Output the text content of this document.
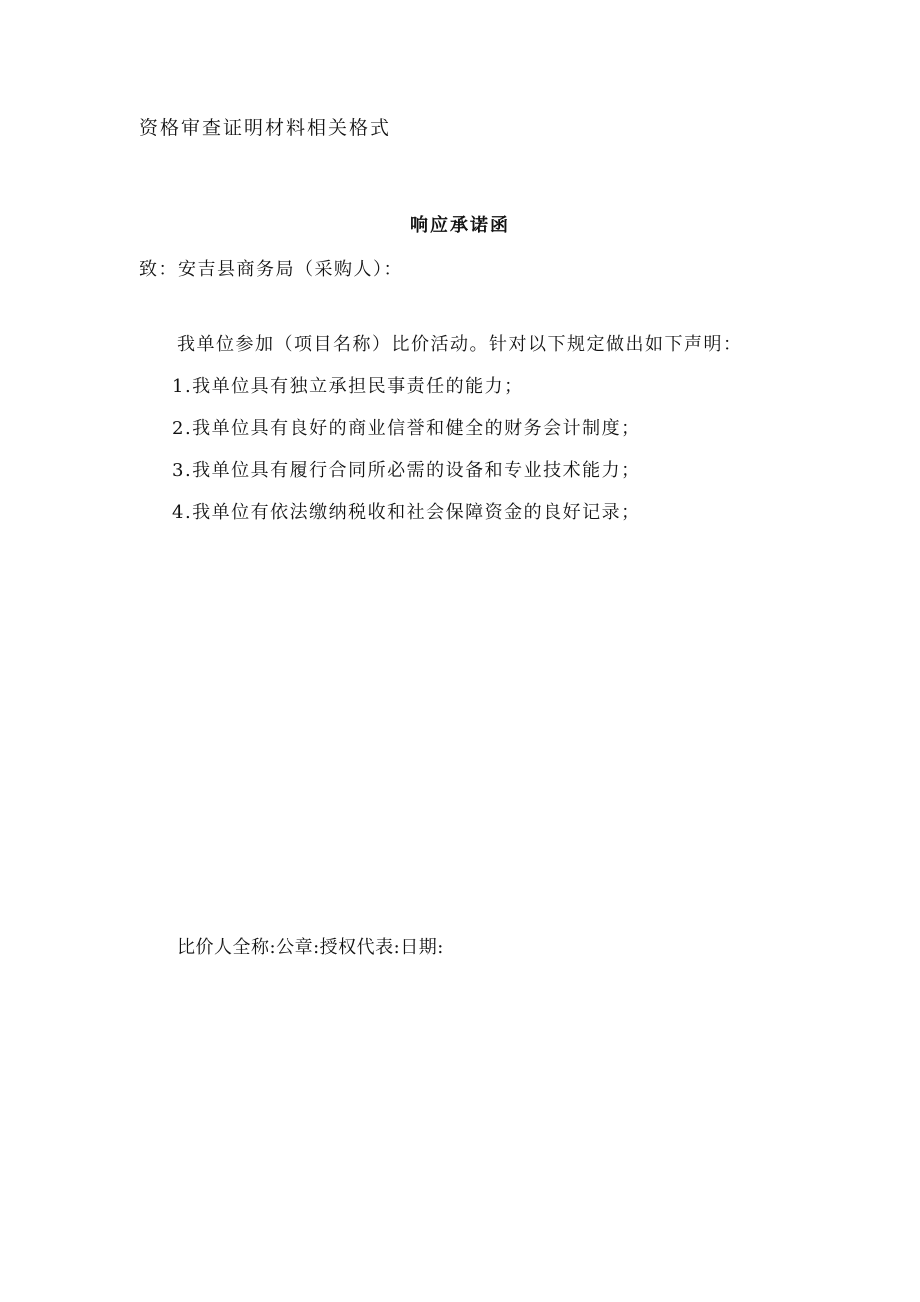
资格审查证明材料相关格式
响应承诺函
致：安吉县商务局（采购人）：
我单位参加（项目名称）比价活动。针对以下规定做出如下声明：
1.我单位具有独立承担民事责任的能力；
2.我单位具有良好的商业信誉和健全的财务会计制度；
3.我单位具有履行合同所必需的设备和专业技术能力；
4.我单位有依法缴纳税收和社会保障资金的良好记录；
比价人全称:公章:授权代表:日期:
